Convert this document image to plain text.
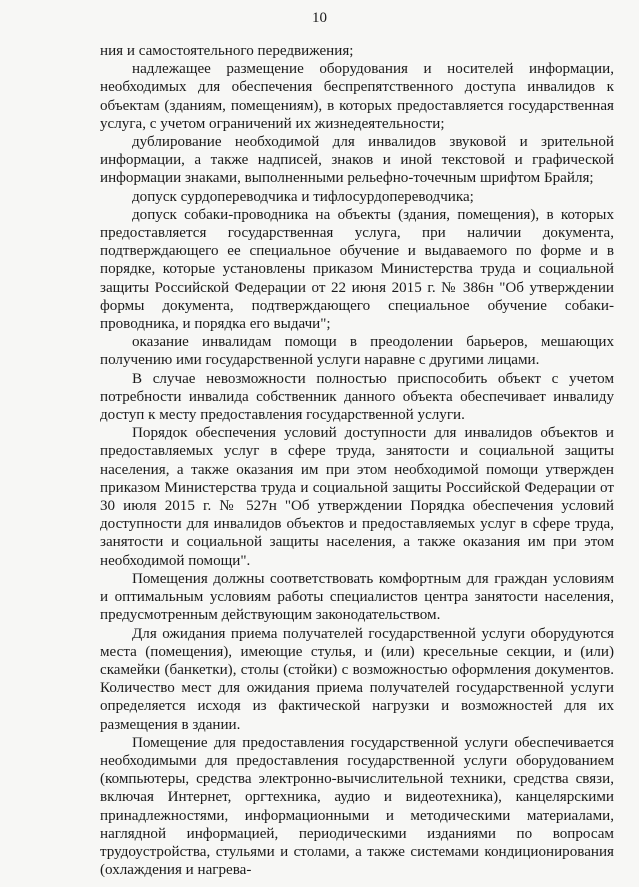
10

ния и самостоятельного передвижения;

надлежащее размещение оборудования и носителей информации, необходимых для обеспечения беспрепятственного доступа инвалидов к объектам (зданиям, помещениям), в которых предоставляется государственная услуга, с учетом ограничений их жизнедеятельности;

дублирование необходимой для инвалидов звуковой и зрительной информации, а также надписей, знаков и иной текстовой и графической информации знаками, выполненными рельефно-точечным шрифтом Брайля;

допуск сурдопереводчика и тифлосурдопереводчика;

допуск собаки-проводника на объекты (здания, помещения), в которых предоставляется государственная услуга, при наличии документа, подтверждающего ее специальное обучение и выдаваемого по форме и в порядке, которые установлены приказом Министерства труда и социальной защиты Российской Федерации от 22 июня 2015 г. № 386н "Об утверждении формы документа, подтверждающего специальное обучение собаки-проводника, и порядка его выдачи";

оказание инвалидам помощи в преодолении барьеров, мешающих получению ими государственной услуги наравне с другими лицами.

В случае невозможности полностью приспособить объект с учетом потребности инвалида собственник данного объекта обеспечивает инвалиду доступ к месту предоставления государственной услуги.

Порядок обеспечения условий доступности для инвалидов объектов и предоставляемых услуг в сфере труда, занятости и социальной защиты населения, а также оказания им при этом необходимой помощи утвержден приказом Министерства труда и социальной защиты Российской Федерации от 30 июля 2015 г. № 527н "Об утверждении Порядка обеспечения условий доступности для инвалидов объектов и предоставляемых услуг в сфере труда, занятости и социальной защиты населения, а также оказания им при этом необходимой помощи".

Помещения должны соответствовать комфортным для граждан условиям и оптимальным условиям работы специалистов центра занятости населения, предусмотренным действующим законодательством.

Для ожидания приема получателей государственной услуги оборудуются места (помещения), имеющие стулья, и (или) кресельные секции, и (или) скамейки (банкетки), столы (стойки) с возможностью оформления документов. Количество мест для ожидания приема получателей государственной услуги определяется исходя из фактической нагрузки и возможностей для их размещения в здании.

Помещение для предоставления государственной услуги обеспечивается необходимыми для предоставления государственной услуги оборудованием (компьютеры, средства электронно-вычислительной техники, средства связи, включая Интернет, оргтехника, аудио и видеотехника), канцелярскими принадлежностями, информационными и методическими материалами, наглядной информацией, периодическими изданиями по вопросам трудоустройства, стульями и столами, а также системами кондиционирования (охлаждения и нагрева-
